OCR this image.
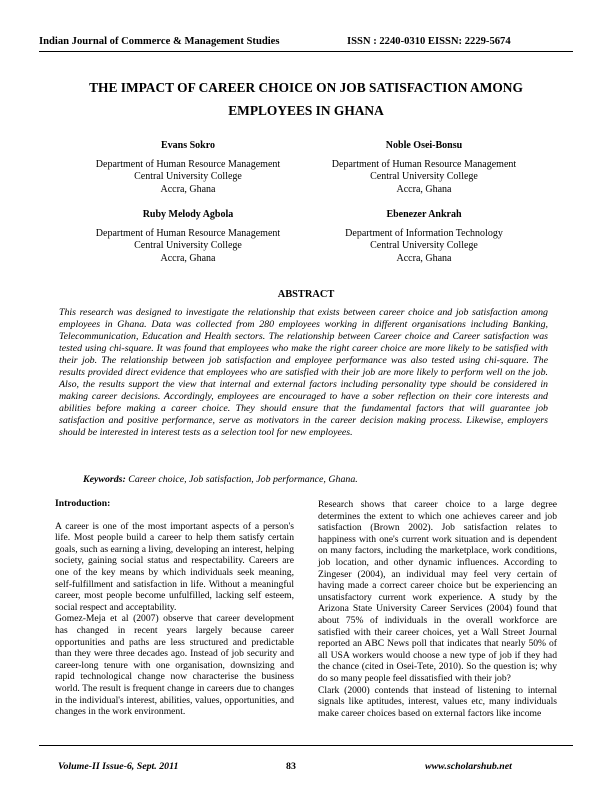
Indian Journal of Commerce & Management Studies	ISSN : 2240-0310 EISSN: 2229-5674
THE IMPACT OF CAREER CHOICE ON JOB SATISFACTION AMONG EMPLOYEES IN GHANA
Evans Sokro
Department of Human Resource Management
Central University College
Accra, Ghana
Noble Osei-Bonsu
Department of Human Resource Management
Central University College
Accra, Ghana
Ruby Melody Agbola
Department of Human Resource Management
Central University College
Accra, Ghana
Ebenezer Ankrah
Department of Information Technology
Central University College
Accra, Ghana
ABSTRACT
This research was designed to investigate the relationship that exists between career choice and job satisfaction among employees in Ghana. Data was collected from 280 employees working in different organisations including Banking, Telecommunication, Education and Health sectors. The relationship between Career choice and Career satisfaction was tested using chi-square. It was found that employees who make the right career choice are more likely to be satisfied with their job. The relationship between job satisfaction and employee performance was also tested using chi-square. The results provided direct evidence that employees who are satisfied with their job are more likely to perform well on the job. Also, the results support the view that internal and external factors including personality type should be considered in making career decisions. Accordingly, employees are encouraged to have a sober reflection on their core interests and abilities before making a career choice. They should ensure that the fundamental factors that will guarantee job satisfaction and positive performance, serve as motivators in the career decision making process. Likewise, employers should be interested in interest tests as a selection tool for new employees.
Keywords: Career choice, Job satisfaction, Job performance, Ghana.
Introduction:

A career is one of the most important aspects of a person's life. Most people build a career to help them satisfy certain goals, such as earning a living, developing an interest, helping society, gaining social status and respectability. Careers are one of the key means by which individuals seek meaning, self-fulfillment and satisfaction in life. Without a meaningful career, most people become unfulfilled, lacking self esteem, social respect and acceptability.

Gomez-Meja et al (2007) observe that career development has changed in recent years largely because career opportunities and paths are less structured and predictable than they were three decades ago. Instead of job security and career-long tenure with one organisation, downsizing and rapid technological change now characterise the business world. The result is frequent change in careers due to changes in the individual's interest, abilities, values, opportunities, and changes in the work environment.

Research shows that career choice to a large degree determines the extent to which one achieves career and job satisfaction (Brown 2002). Job satisfaction relates to happiness with one's current work situation and is dependent on many factors, including the marketplace, work conditions, job location, and other dynamic influences. According to Zingeser (2004), an individual may feel very certain of having made a correct career choice but be experiencing an unsatisfactory current work experience. A study by the Arizona State University Career Services (2004) found that about 75% of individuals in the overall workforce are satisfied with their career choices, yet a Wall Street Journal reported an ABC News poll that indicates that nearly 50% of all USA workers would choose a new type of job if they had the chance (cited in Osei-Tete, 2010). So the question is; why do so many people feel dissatisfied with their job?

Clark (2000) contends that instead of listening to internal signals like aptitudes, interest, values etc, many individuals make career choices based on external factors like income

Volume-II Issue-6, Sept. 2011	83	www.scholarshub.net
